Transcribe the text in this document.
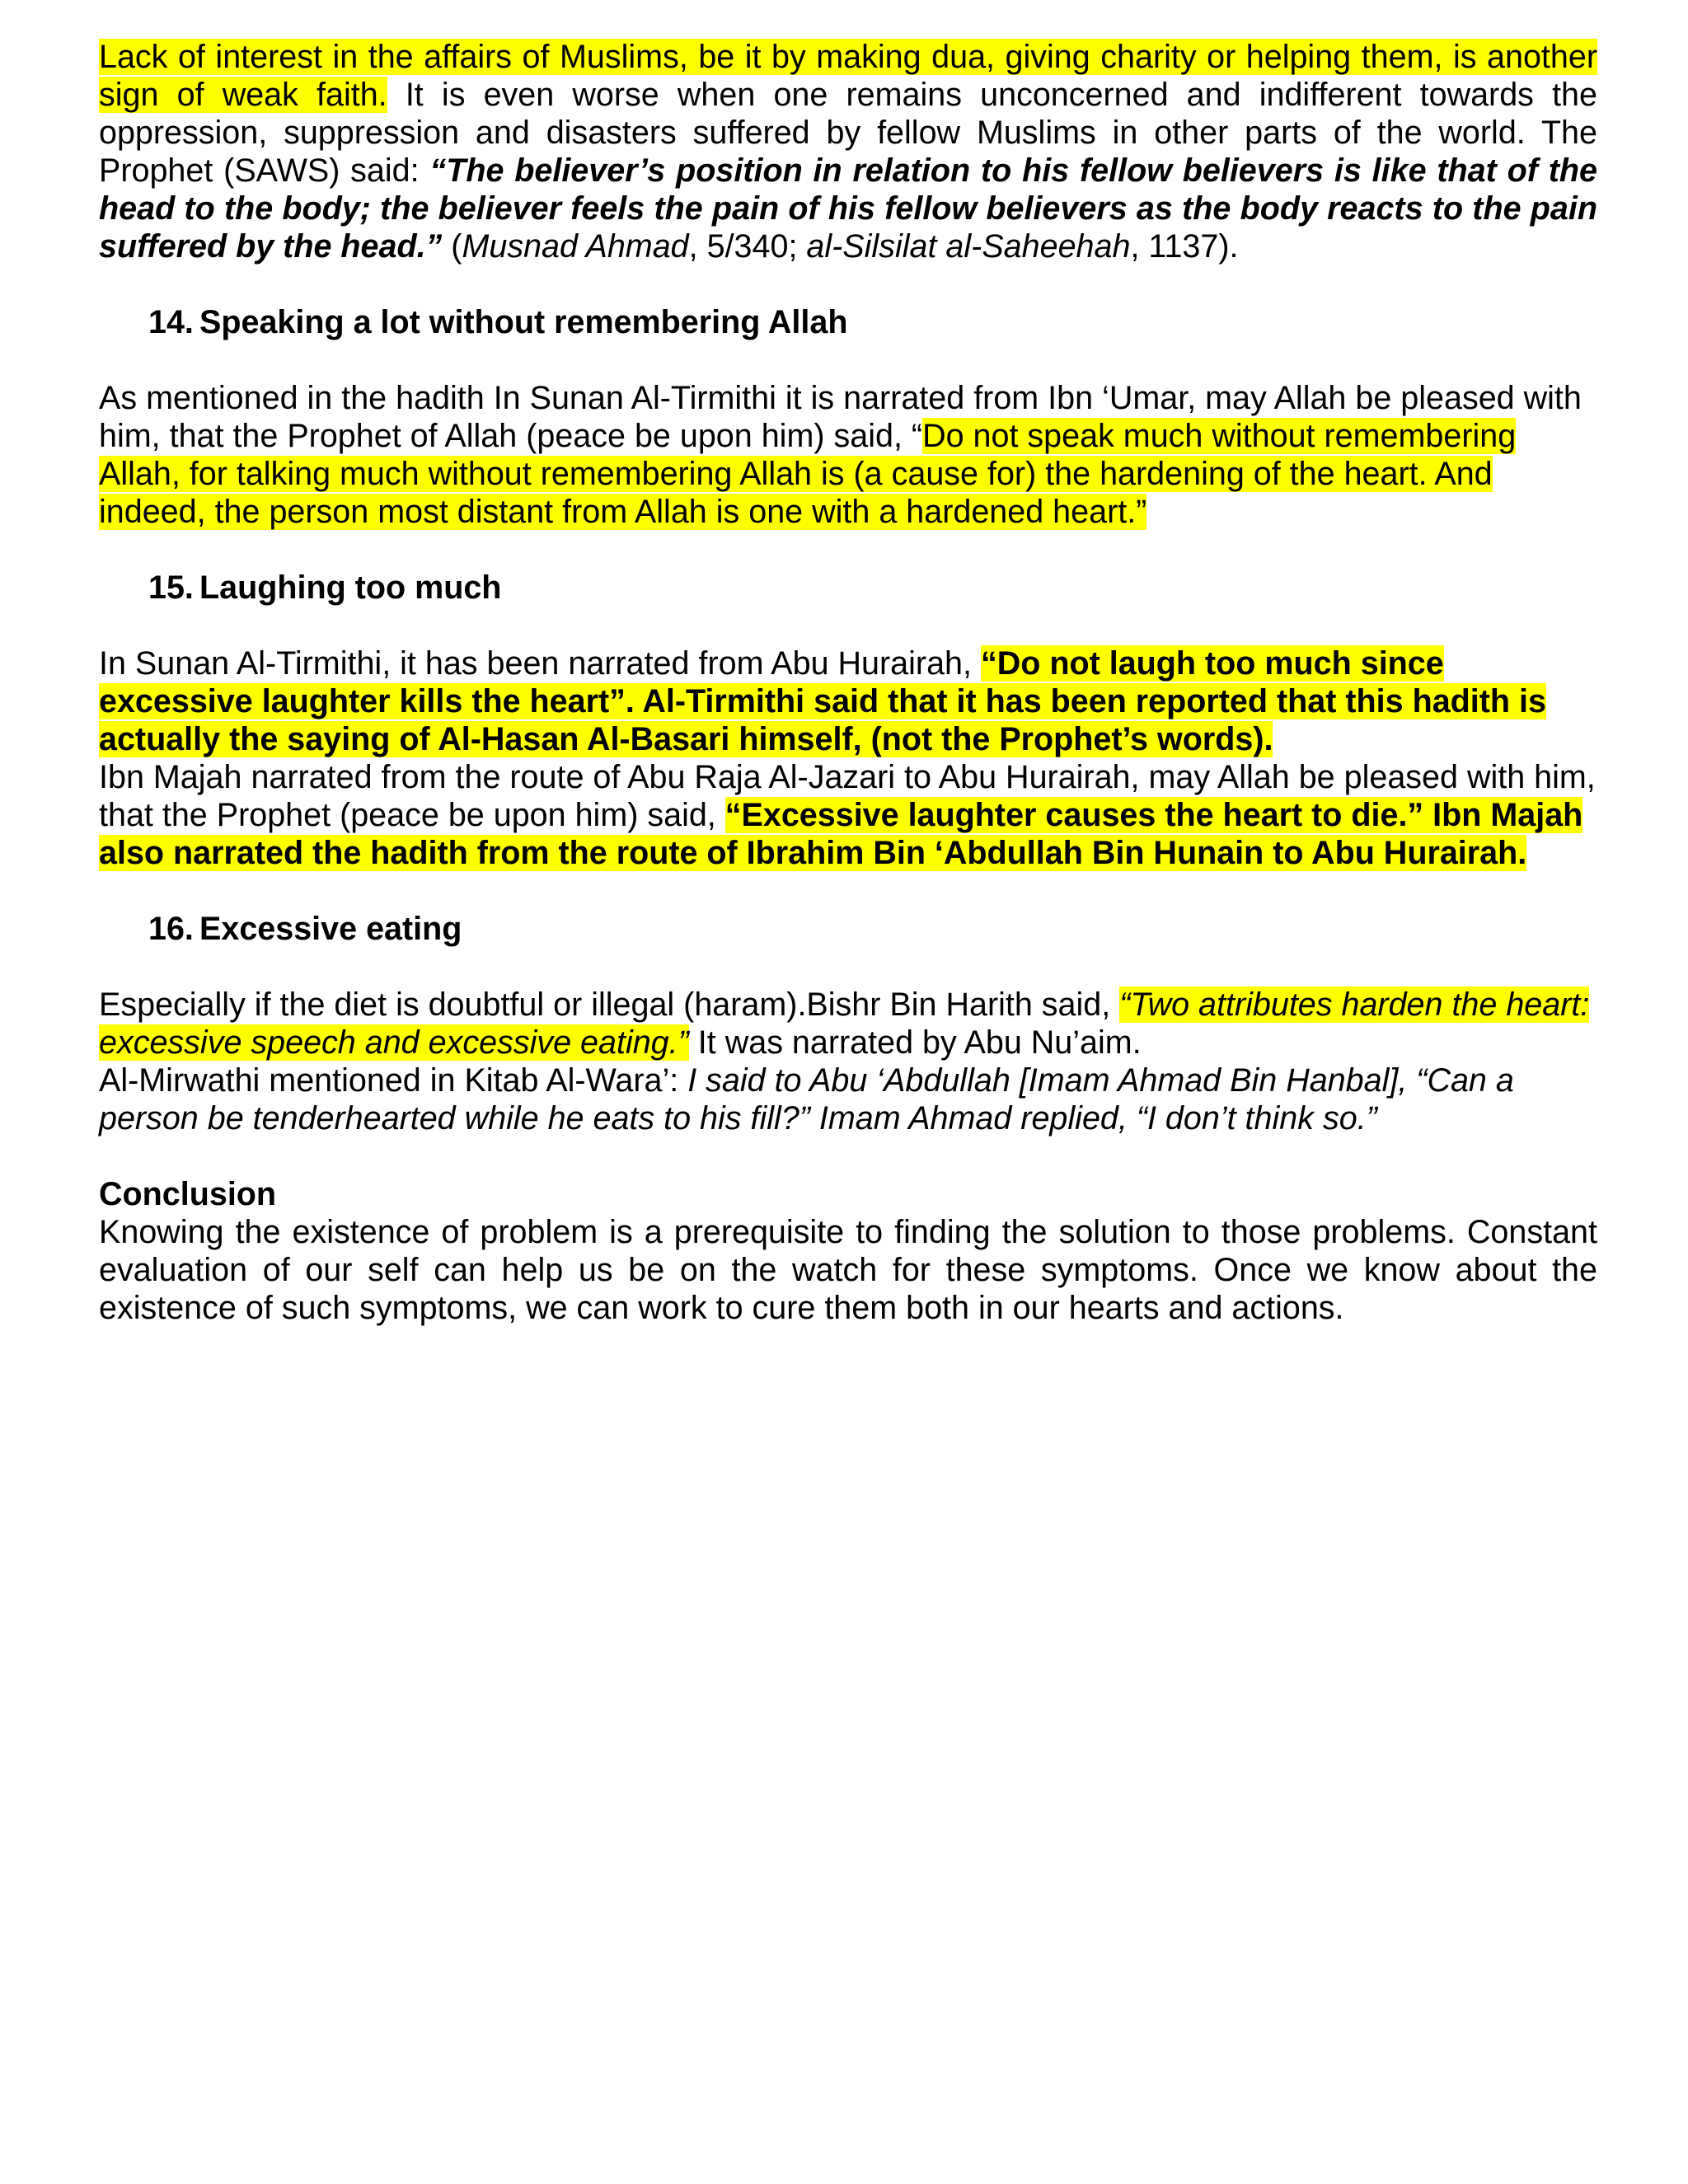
Lack of interest in the affairs of Muslims, be it by making dua, giving charity or helping them, is another sign of weak faith. It is even worse when one remains unconcerned and indifferent towards the oppression, suppression and disasters suffered by fellow Muslims in other parts of the world. The Prophet (SAWS) said: “The believer’s position in relation to his fellow believers is like that of the head to the body; the believer feels the pain of his fellow believers as the body reacts to the pain suffered by the head.” (Musnad Ahmad, 5/340; al-Silsilat al-Saheehah, 1137).

14. Speaking a lot without remembering Allah

As mentioned in the hadith In Sunan Al-Tirmithi it is narrated from Ibn ‘Umar, may Allah be pleased with him, that the Prophet of Allah (peace be upon him) said, “Do not speak much without remembering Allah, for talking much without remembering Allah is (a cause for) the hardening of the heart. And indeed, the person most distant from Allah is one with a hardened heart.”

15. Laughing too much

In Sunan Al-Tirmithi, it has been narrated from Abu Hurairah, “Do not laugh too much since excessive laughter kills the heart”. Al-Tirmithi said that it has been reported that this hadith is actually the saying of Al-Hasan Al-Basari himself, (not the Prophet’s words).

Ibn Majah narrated from the route of Abu Raja Al-Jazari to Abu Hurairah, may Allah be pleased with him, that the Prophet (peace be upon him) said, “Excessive laughter causes the heart to die.” Ibn Majah also narrated the hadith from the route of Ibrahim Bin ‘Abdullah Bin Hunain to Abu Hurairah.

16. Excessive eating

Especially if the diet is doubtful or illegal (haram).Bishr Bin Harith said, “Two attributes harden the heart: excessive speech and excessive eating.” It was narrated by Abu Nu’aim.

Al-Mirwathi mentioned in Kitab Al-Wara’: I said to Abu ‘Abdullah [Imam Ahmad Bin Hanbal], “Can a person be tenderhearted while he eats to his fill?” Imam Ahmad replied, “I don’t think so.”

Conclusion

Knowing the existence of problem is a prerequisite to finding the solution to those problems. Constant evaluation of our self can help us be on the watch for these symptoms. Once we know about the existence of such symptoms, we can work to cure them both in our hearts and actions.
